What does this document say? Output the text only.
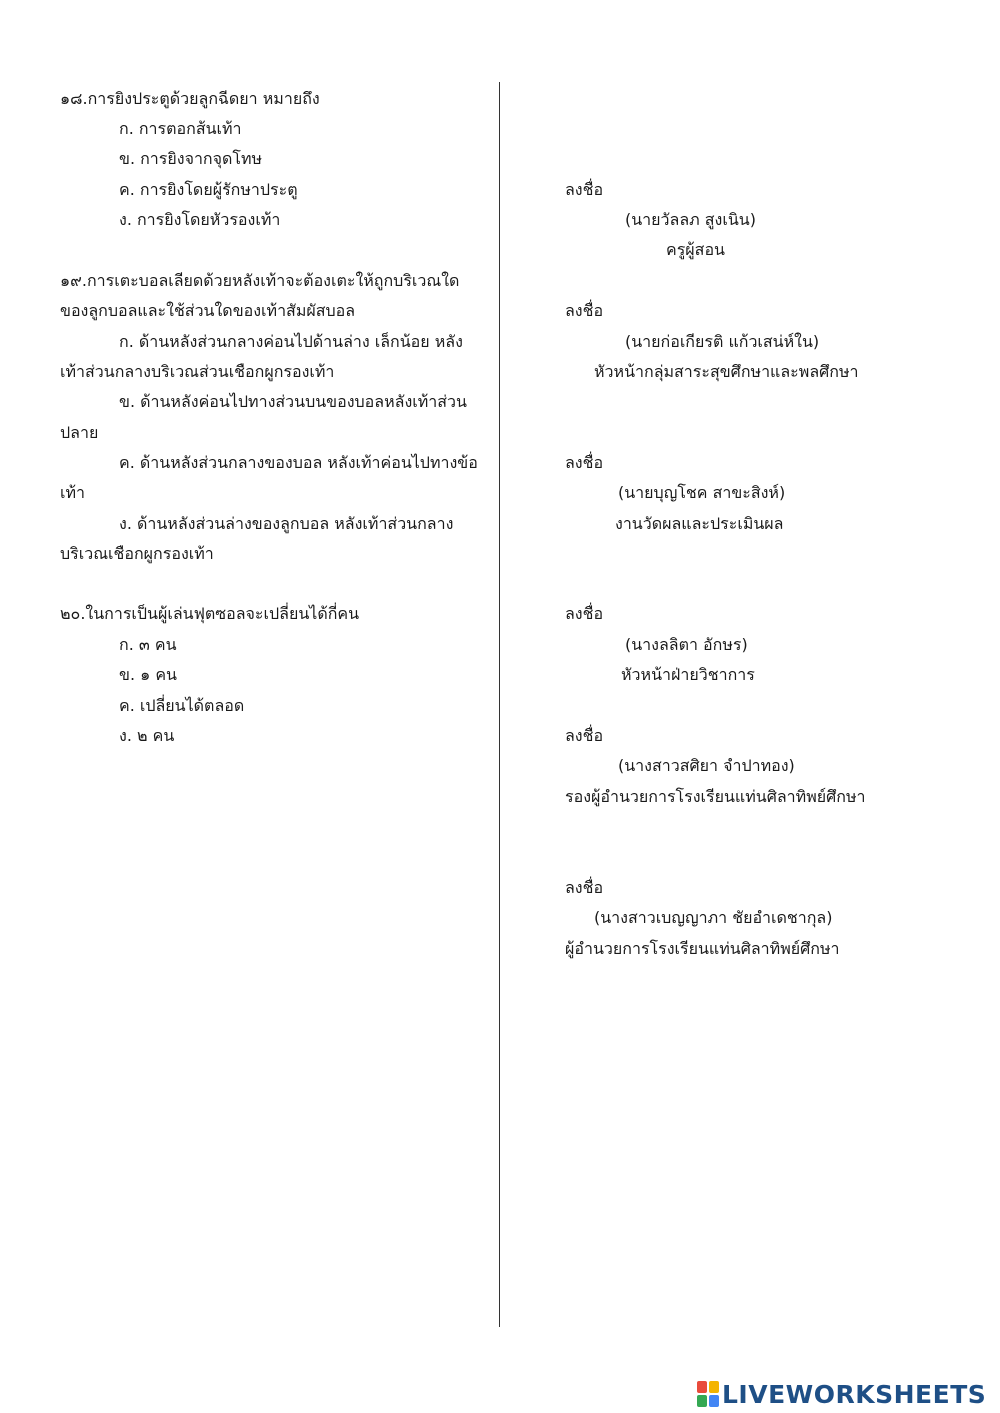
๑๘.การยิงประตูด้วยลูกฉีดยา หมายถึง
ก. การตอกส้นเท้า
ข. การยิงจากจุดโทษ
ค. การยิงโดยผู้รักษาประตู
ง. การยิงโดยหัวรองเท้า
๑๙.การเตะบอลเลียดด้วยหลังเท้าจะต้องเตะให้ถูกบริเวณใด
ของลูกบอลและใช้ส่วนใดของเท้าสัมผัสบอล
ก. ด้านหลังส่วนกลางค่อนไปด้านล่าง เล็กน้อย หลัง
เท้าส่วนกลางบริเวณส่วนเชือกผูกรองเท้า
ข. ด้านหลังค่อนไปทางส่วนบนของบอลหลังเท้าส่วน
ปลาย
ค. ด้านหลังส่วนกลางของบอล หลังเท้าค่อนไปทางข้อ
เท้า
ง. ด้านหลังส่วนล่างของลูกบอล หลังเท้าส่วนกลาง
บริเวณเชือกผูกรองเท้า
๒๐.ในการเป็นผู้เล่นฟุตซอลจะเปลี่ยนได้กี่คน
ก. ๓ คน
ข. ๑ คน
ค. เปลี่ยนได้ตลอด
ง. ๒ คน
ลงชื่อ
(นายวัลลภ สูงเนิน)
ครูผู้สอน
ลงชื่อ
(นายก่อเกียรติ แก้วเสน่ห์ใน)
หัวหน้ากลุ่มสาระสุขศึกษาและพลศึกษา
ลงชื่อ
(นายบุญโชค สาขะสิงห์)
งานวัดผลและประเมินผล
ลงชื่อ
(นางลลิตา อักษร)
หัวหน้าฝ่ายวิชาการ
ลงชื่อ
(นางสาวสศิยา จำปาทอง)
รองผู้อำนวยการโรงเรียนแท่นศิลาทิพย์ศึกษา
ลงชื่อ
(นางสาวเบญญาภา ชัยอำเดชากุล)
ผู้อำนวยการโรงเรียนแท่นศิลาทิพย์ศึกษา
LIVEWORKSHEETS
